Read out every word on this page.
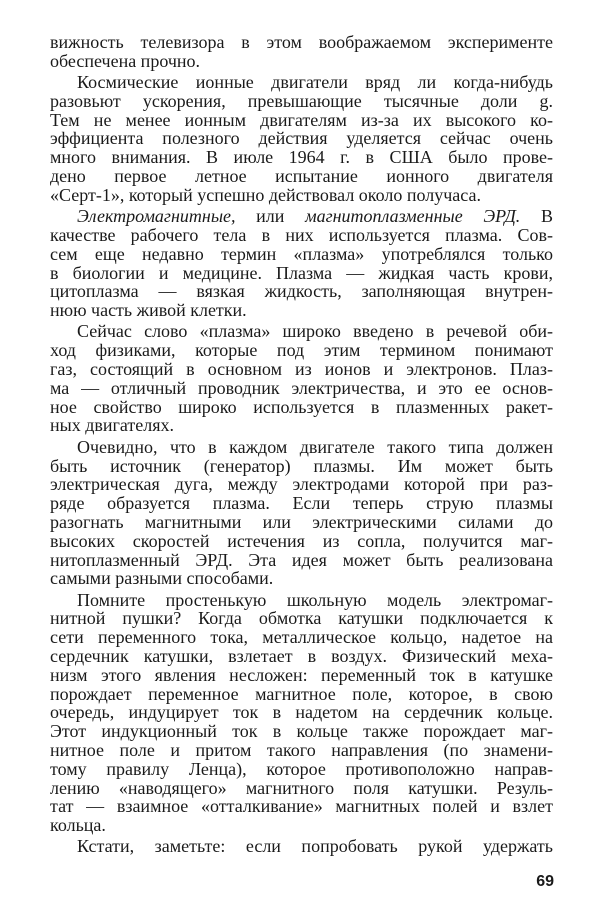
вижность телевизора в этом воображаемом эксперименте
обеспечена прочно.
Космические ионные двигатели вряд ли когда-нибудь
разовьют ускорения, превышающие тысячные доли g.
Тем не менее ионным двигателям из-за их высокого ко-
эффициента полезного действия уделяется сейчас очень
много внимания. В июле 1964 г. в США было прове-
дено первое летное испытание ионного двигателя
«Серт-1», который успешно действовал около получаса.
Электромагнитные, или магнитоплазменные ЭРД. В
качестве рабочего тела в них используется плазма. Сов-
сем еще недавно термин «плазма» употреблялся только
в биологии и медицине. Плазма — жидкая часть крови,
цитоплазма — вязкая жидкость, заполняющая внутрен-
нюю часть живой клетки.
Сейчас слово «плазма» широко введено в речевой оби-
ход физиками, которые под этим термином понимают
газ, состоящий в основном из ионов и электронов. Плаз-
ма — отличный проводник электричества, и это ее основ-
ное свойство широко используется в плазменных ракет-
ных двигателях.
Очевидно, что в каждом двигателе такого типа должен
быть источник (генератор) плазмы. Им может быть
электрическая дуга, между электродами которой при раз-
ряде образуется плазма. Если теперь струю плазмы
разогнать магнитными или электрическими силами до
высоких скоростей истечения из сопла, получится маг-
нитоплазменный ЭРД. Эта идея может быть реализована
самыми разными способами.
Помните простенькую школьную модель электромаг-
нитной пушки? Когда обмотка катушки подключается к
сети переменного тока, металлическое кольцо, надетое на
сердечник катушки, взлетает в воздух. Физический меха-
низм этого явления несложен: переменный ток в катушке
порождает переменное магнитное поле, которое, в свою
очередь, индуцирует ток в надетом на сердечник кольце.
Этот индукционный ток в кольце также порождает маг-
нитное поле и притом такого направления (по знамени-
тому правилу Ленца), которое противоположно направ-
лению «наводящего» магнитного поля катушки. Резуль-
тат — взаимное «отталкивание» магнитных полей и взлет
кольца.
Кстати, заметьте: если попробовать рукой удержать
69
